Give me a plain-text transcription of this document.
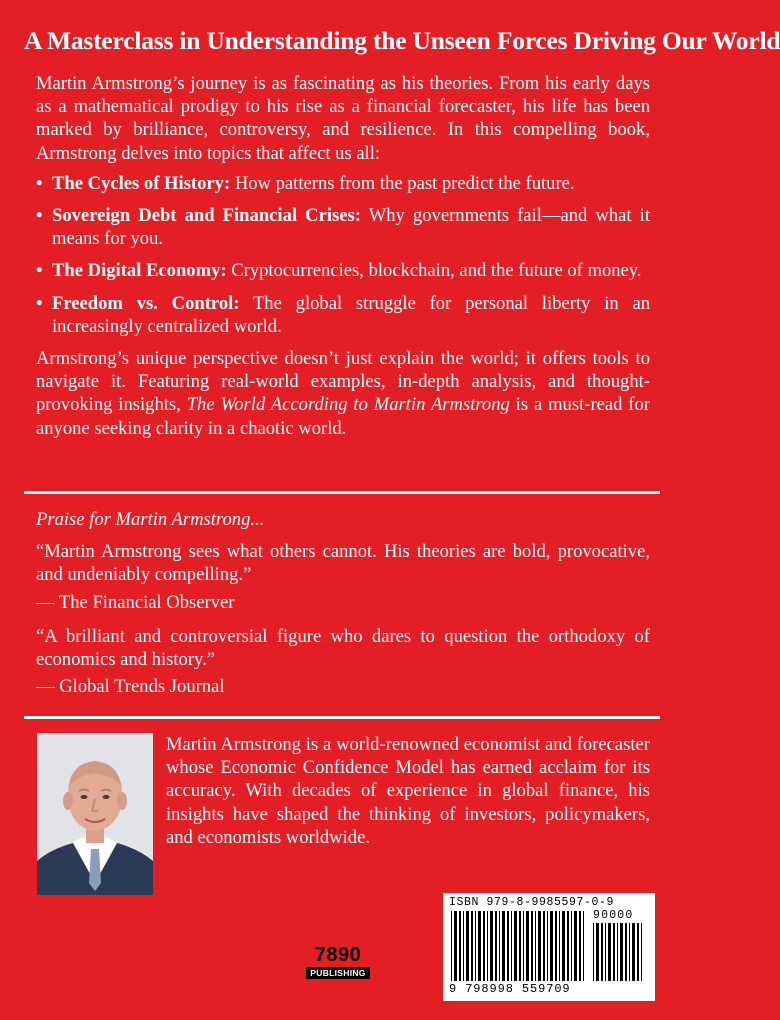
A Masterclass in Understanding the Unseen Forces Driving Our World

Martin Armstrong’s journey is as fascinating as his theories. From his early days as a mathematical prodigy to his rise as a financial forecaster, his life has been marked by brilliance, controversy, and resilience. In this compelling book, Armstrong delves into topics that affect us all:

• The Cycles of History: How patterns from the past predict the future.
• Sovereign Debt and Financial Crises: Why governments fail—and what it means for you.
• The Digital Economy: Cryptocurrencies, blockchain, and the future of money.
• Freedom vs. Control: The global struggle for personal liberty in an increasingly centralized world.

Armstrong’s unique perspective doesn’t just explain the world; it offers tools to navigate it. Featuring real-world examples, in-depth analysis, and thought-provoking insights, The World According to Martin Armstrong is a must-read for anyone seeking clarity in a chaotic world.

Praise for Martin Armstrong...
“Martin Armstrong sees what others cannot. His theories are bold, provocative, and undeniably compelling.”
— The Financial Observer
“A brilliant and controversial figure who dares to question the orthodoxy of economics and history.”
— Global Trends Journal
Martin Armstrong is a world-renowned economist and forecaster whose Economic Confidence Model has earned acclaim for its accuracy. With decades of experience in global finance, his insights have shaped the thinking of investors, policymakers, and economists worldwide.
7890
PUBLISHING
ISBN 979-8-9985597-0-9
90000
9 798998 559709
